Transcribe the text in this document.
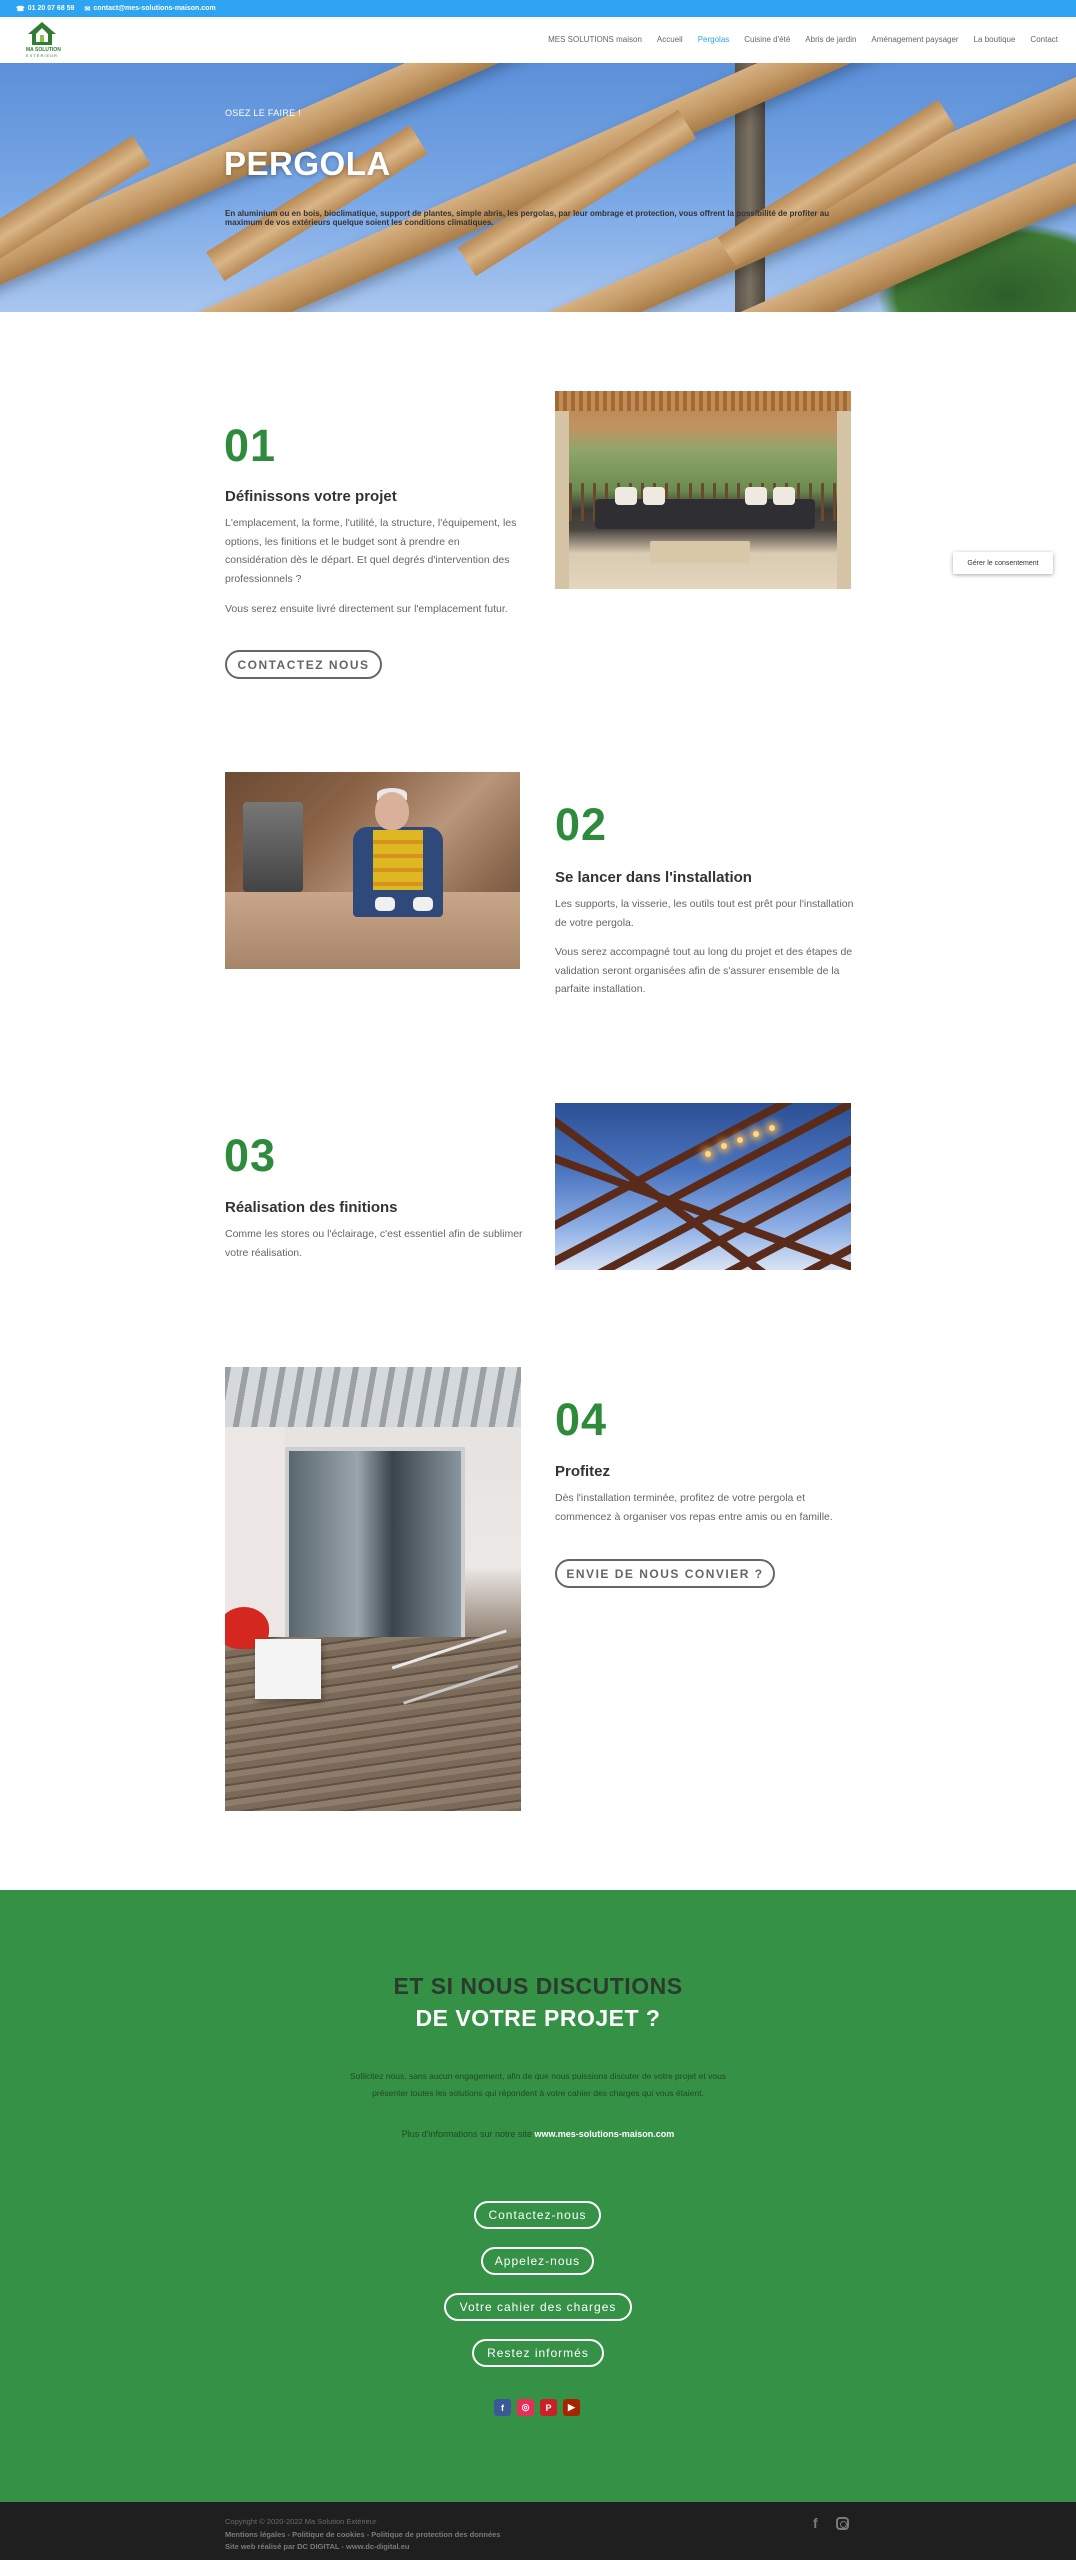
☎ 01 20 07 68 59 ✉ contact@mes-solutions-maison.com
MA SOLUTION
EXTÉRIEUR
MES SOLUTIONS maison Accueil Pergolas Cuisine d'été Abris de jardin Aménagement paysager La boutique Contact
OSEZ LE FAIRE !
PERGOLA
En aluminium ou en bois, bioclimatique, support de plantes, simple abris, les pergolas, par leur ombrage et protection, vous offrent la possibilité de profiter au maximum de vos extérieurs quelque soient les conditions climatiques.
01
Définissons votre projet
L'emplacement, la forme, l'utilité, la structure, l'équipement, les options, les finitions et le budget sont à prendre en considération dès le départ. Et quel degrés d'intervention des professionnels ?
Vous serez ensuite livré directement sur l'emplacement futur.
CONTACTEZ NOUS
02
Se lancer dans l'installation
Les supports, la visserie, les outils tout est prêt pour l'installation de votre pergola.
Vous serez accompagné tout au long du projet et des étapes de validation seront organisées afin de s'assurer ensemble de la parfaite installation.
03
Réalisation des finitions
Comme les stores ou l'éclairage, c'est essentiel afin de sublimer votre réalisation.
04
Profitez
Dès l'installation terminée, profitez de votre pergola et commencez à organiser vos repas entre amis ou en famille.
ENVIE DE NOUS CONVIER ?
ET SI NOUS DISCUTIONS
DE VOTRE PROJET ?
Sollicitez nous, sans aucun engagement, afin de que nous puissions discuter de votre projet et vous présenter toutes les solutions qui répondent à votre cahier des charges qui vous étaient.
Plus d'informations sur notre site www.mes-solutions-maison.com
Contactez-nous
Appelez-nous
Votre cahier des charges
Restez informés
f	◎	P	▶
Copyright © 2020-2022 Ma Solution Extérieur
Mentions légales - Politique de cookies - Politique de protection des données
Site web réalisé par DC DIGITAL - www.dc-digital.eu
f
Gérer le consentement
